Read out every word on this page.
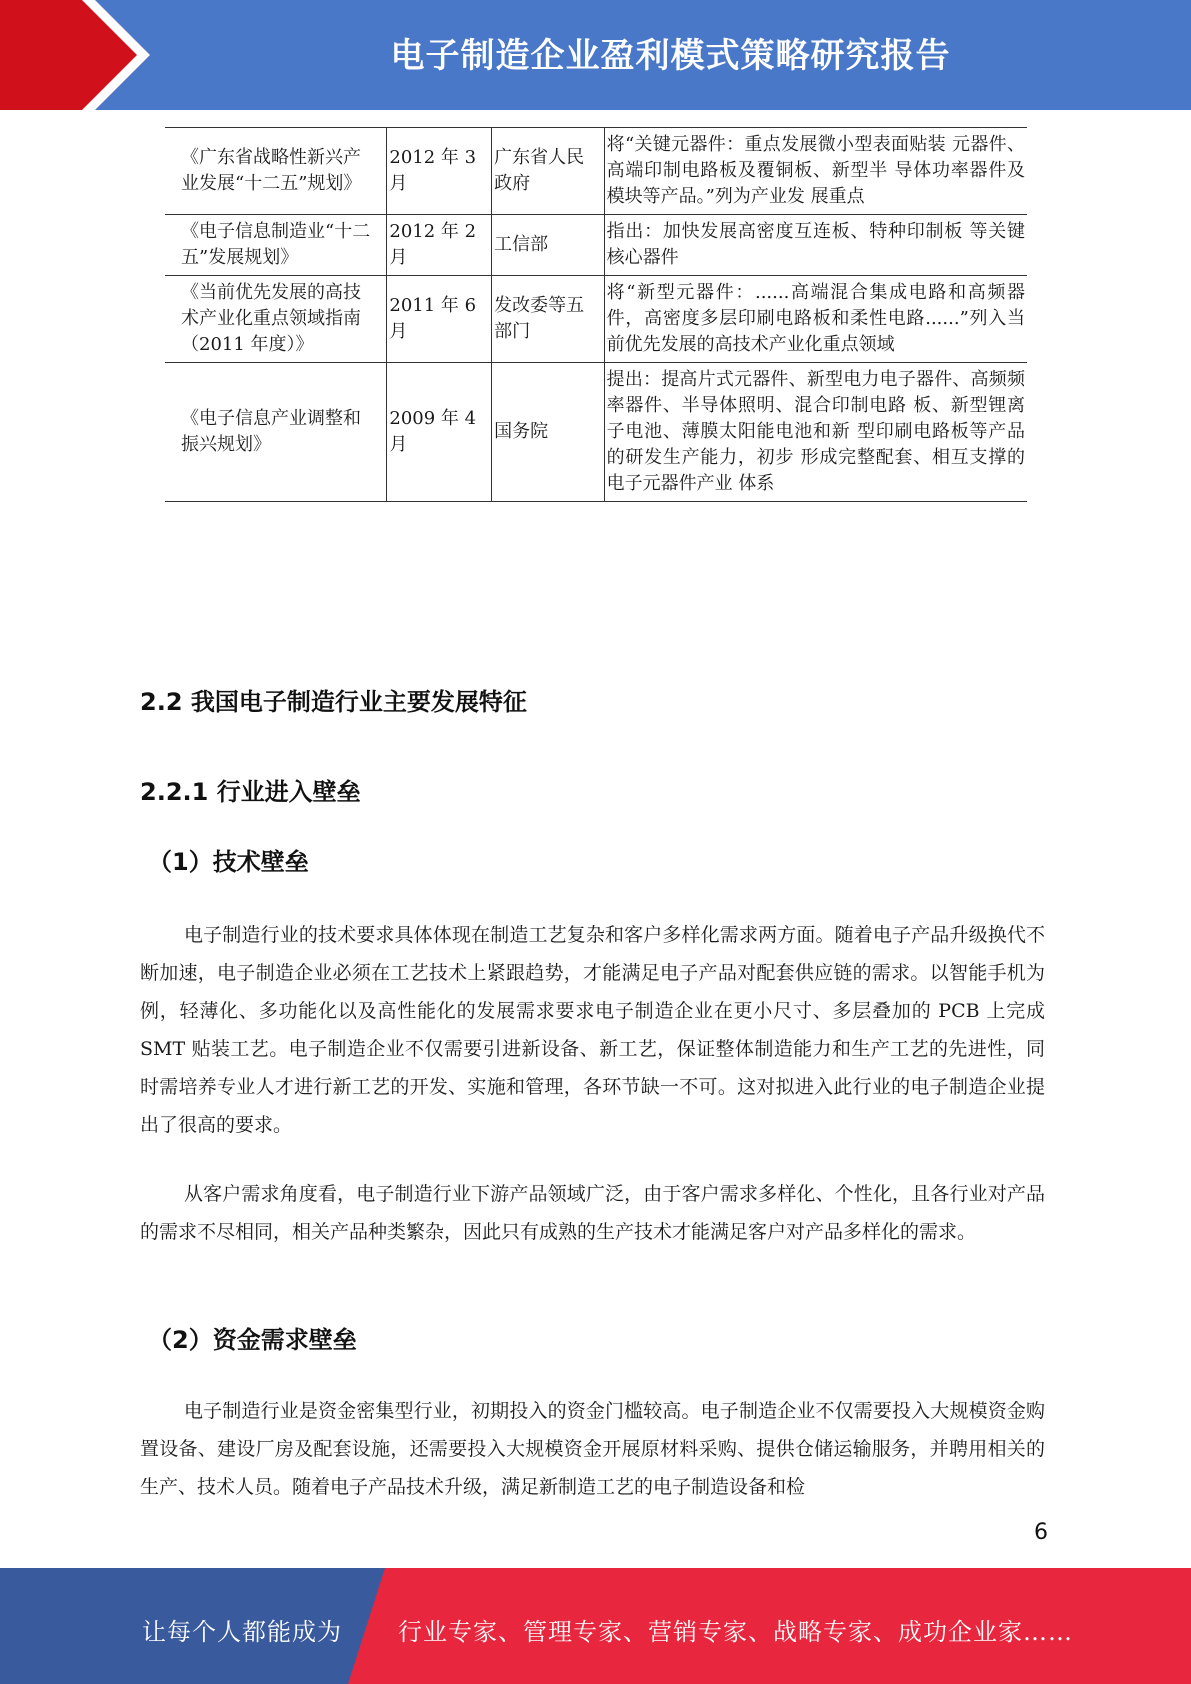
电子制造企业盈利模式策略研究报告
《广东省战略性新兴产业发展“十二五”规划》	2012 年 3 月	广东省人民政府	将“关键元器件：重点发展微小型表面贴装 元器件、高端印制电路板及覆铜板、新型半 导体功率器件及模块等产品。”列为产业发 展重点
《电子信息制造业“十二五”发展规划》	2012 年 2 月	工信部	指出：加快发展高密度互连板、特种印制板 等关键核心器件
《当前优先发展的高技术产业化重点领域指南（2011 年度）》	2011 年 6 月	发改委等五部门	将“新型元器件：......高端混合集成电路和高频器件，高密度多层印刷电路板和柔性电路......”列入当前优先发展的高技术产业化重点领域
《电子信息产业调整和振兴规划》	2009 年 4 月	国务院	提出：提高片式元器件、新型电力电子器件、高频频率器件、半导体照明、混合印制电路 板、新型锂离子电池、薄膜太阳能电池和新 型印刷电路板等产品的研发生产能力，初步 形成完整配套、相互支撑的电子元器件产业 体系
2.2 我国电子制造行业主要发展特征
2.2.1 行业进入壁垒
（1）技术壁垒

电子制造行业的技术要求具体体现在制造工艺复杂和客户多样化需求两方面。随着电子产品升级换代不断加速，电子制造企业必须在工艺技术上紧跟趋势，才能满足电子产品对配套供应链的需求。以智能手机为例，轻薄化、多功能化以及高性能化的发展需求要求电子制造企业在更小尺寸、多层叠加的 PCB 上完成 SMT 贴装工艺。电子制造企业不仅需要引进新设备、新工艺，保证整体制造能力和生产工艺的先进性，同时需培养专业人才进行新工艺的开发、实施和管理，各环节缺一不可。这对拟进入此行业的电子制造企业提出了很高的要求。

从客户需求角度看，电子制造行业下游产品领域广泛，由于客户需求多样化、个性化，且各行业对产品的需求不尽相同，相关产品种类繁杂，因此只有成熟的生产技术才能满足客户对产品多样化的需求。

（2）资金需求壁垒

电子制造行业是资金密集型行业，初期投入的资金门槛较高。电子制造企业不仅需要投入大规模资金购置设备、建设厂房及配套设施，还需要投入大规模资金开展原材料采购、提供仓储运输服务，并聘用相关的生产、技术人员。随着电子产品技术升级，满足新制造工艺的电子制造设备和检

6
让每个人都能成为 行业专家、管理专家、营销专家、战略专家、成功企业家……
